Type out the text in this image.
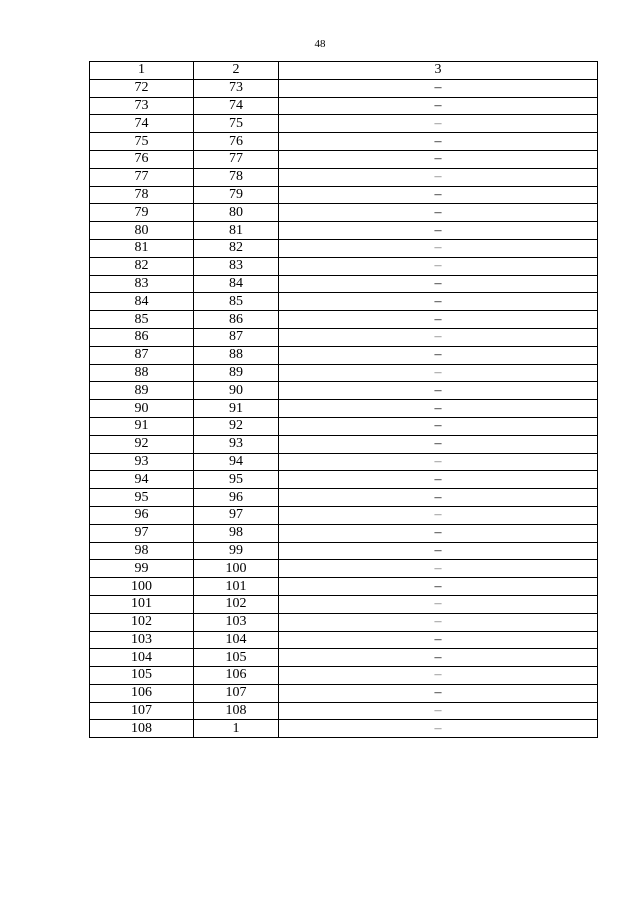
48
1	2	3
72	73	–
73	74	–
74	75	–
75	76	–
76	77	–
77	78	–
78	79	–
79	80	–
80	81	–
81	82	–
82	83	–
83	84	–
84	85	–
85	86	–
86	87	–
87	88	–
88	89	–
89	90	–
90	91	–
91	92	–
92	93	–
93	94	–
94	95	–
95	96	–
96	97	–
97	98	–
98	99	–
99	100	–
100	101	–
101	102	–
102	103	–
103	104	–
104	105	–
105	106	–
106	107	–
107	108	–
108	1	–
